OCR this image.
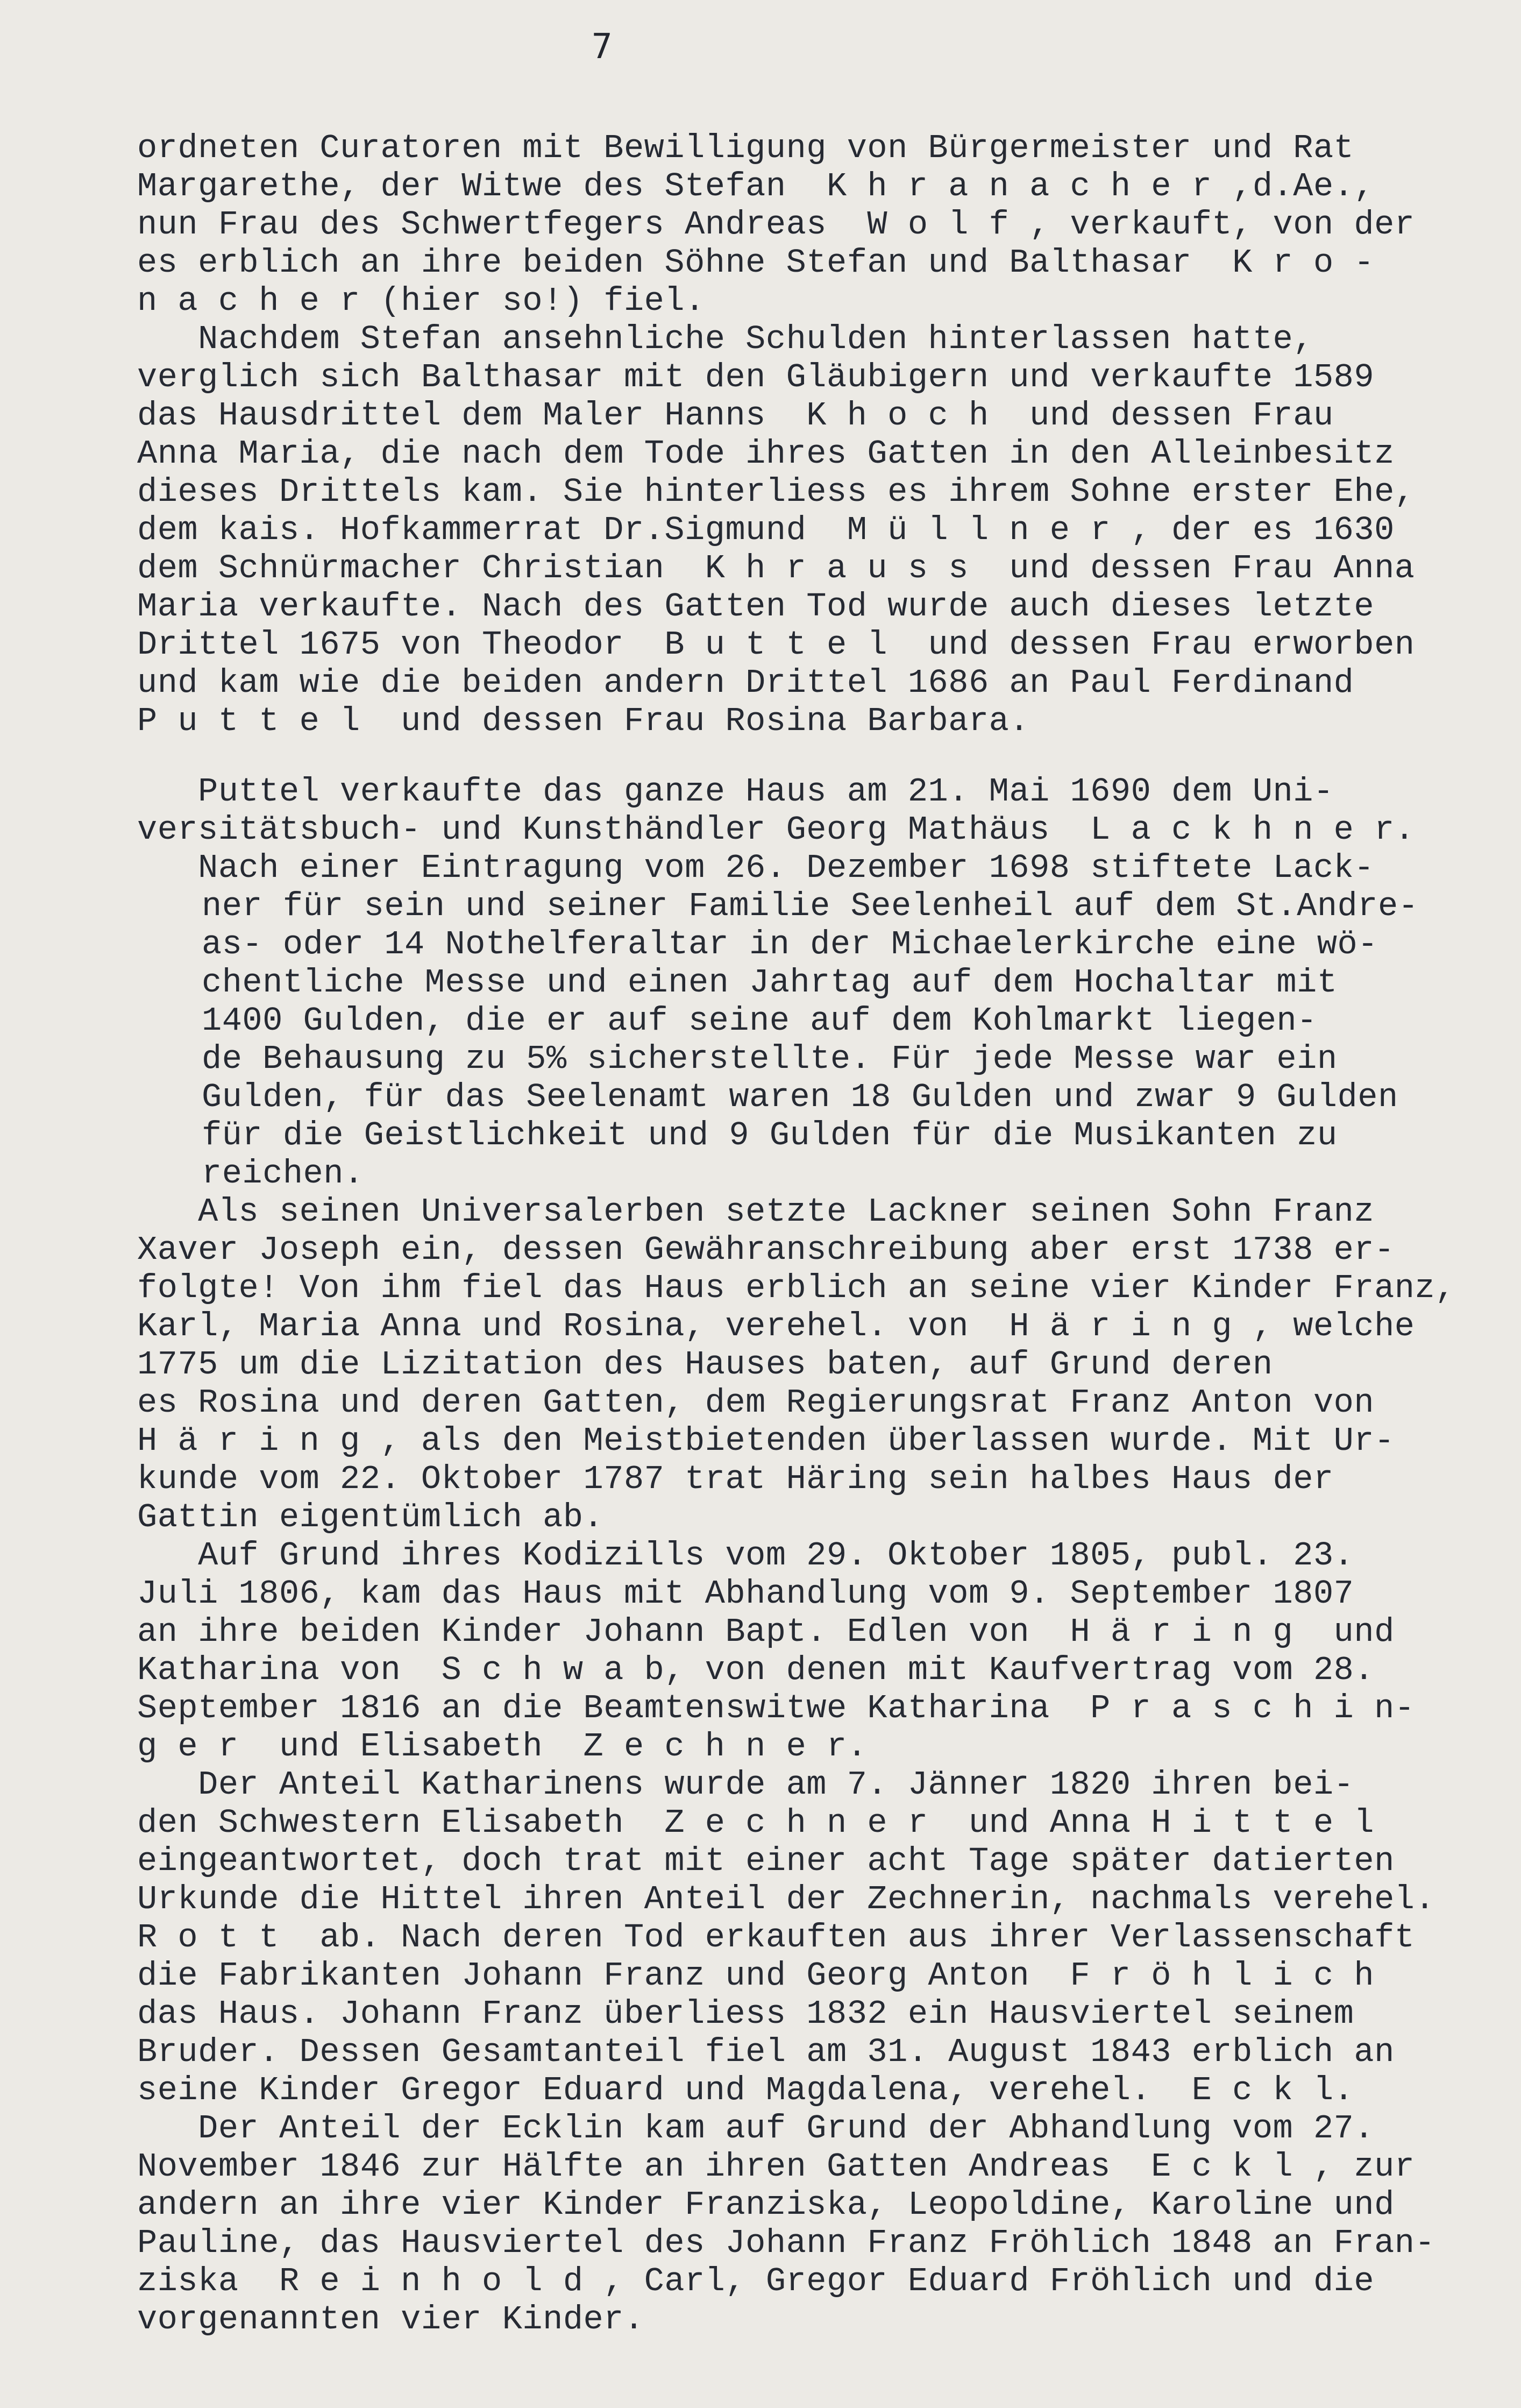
7
ordneten Curatoren mit Bewilligung von Bürgermeister und Rat
Margarethe, der Witwe des Stefan  K h r a n a c h e r ,d.Ae.,
nun Frau des Schwertfegers Andreas  W o l f , verkauft, von der
es erblich an ihre beiden Söhne Stefan und Balthasar  K r o -
n a c h e r (hier so!) fiel.
Nachdem Stefan ansehnliche Schulden hinterlassen hatte,
verglich sich Balthasar mit den Gläubigern und verkaufte 1589
das Hausdrittel dem Maler Hanns  K h o c h  und dessen Frau
Anna Maria, die nach dem Tode ihres Gatten in den Alleinbesitz
dieses Drittels kam. Sie hinterliess es ihrem Sohne erster Ehe,
dem kais. Hofkammerrat Dr.Sigmund  M ü l l n e r , der es 1630
dem Schnürmacher Christian  K h r a u s s  und dessen Frau Anna
Maria verkaufte. Nach des Gatten Tod wurde auch dieses letzte
Drittel 1675 von Theodor  B u t t e l  und dessen Frau erworben
und kam wie die beiden andern Drittel 1686 an Paul Ferdinand
P u t t e l  und dessen Frau Rosina Barbara.
Puttel verkaufte das ganze Haus am 21. Mai 1690 dem Uni-
versitätsbuch- und Kunsthändler Georg Mathäus  L a c k h n e r.
Nach einer Eintragung vom 26. Dezember 1698 stiftete Lack-
ner für sein und seiner Familie Seelenheil auf dem St.Andre-
as- oder 14 Nothelferaltar in der Michaelerkirche eine wö-
chentliche Messe und einen Jahrtag auf dem Hochaltar mit
1400 Gulden, die er auf seine auf dem Kohlmarkt liegen-
de Behausung zu 5% sicherstellte. Für jede Messe war ein
Gulden, für das Seelenamt waren 18 Gulden und zwar 9 Gulden
für die Geistlichkeit und 9 Gulden für die Musikanten zu
reichen.
Als seinen Universalerben setzte Lackner seinen Sohn Franz
Xaver Joseph ein, dessen Gewähranschreibung aber erst 1738 er-
folgte! Von ihm fiel das Haus erblich an seine vier Kinder Franz,
Karl, Maria Anna und Rosina, verehel. von  H ä r i n g , welche
1775 um die Lizitation des Hauses baten, auf Grund deren
es Rosina und deren Gatten, dem Regierungsrat Franz Anton von
H ä r i n g , als den Meistbietenden überlassen wurde. Mit Ur-
kunde vom 22. Oktober 1787 trat Häring sein halbes Haus der
Gattin eigentümlich ab.
Auf Grund ihres Kodizills vom 29. Oktober 1805, publ. 23.
Juli 1806, kam das Haus mit Abhandlung vom 9. September 1807
an ihre beiden Kinder Johann Bapt. Edlen von  H ä r i n g  und
Katharina von  S c h w a b, von denen mit Kaufvertrag vom 28.
September 1816 an die Beamtenswitwe Katharina  P r a s c h i n-
g e r  und Elisabeth  Z e c h n e r.
Der Anteil Katharinens wurde am 7. Jänner 1820 ihren bei-
den Schwestern Elisabeth  Z e c h n e r  und Anna H i t t e l
eingeantwortet, doch trat mit einer acht Tage später datierten
Urkunde die Hittel ihren Anteil der Zechnerin, nachmals verehel.
R o t t  ab. Nach deren Tod erkauften aus ihrer Verlassenschaft
die Fabrikanten Johann Franz und Georg Anton  F r ö h l i c h
das Haus. Johann Franz überliess 1832 ein Hausviertel seinem
Bruder. Dessen Gesamtanteil fiel am 31. August 1843 erblich an
seine Kinder Gregor Eduard und Magdalena, verehel.  E c k l.
Der Anteil der Ecklin kam auf Grund der Abhandlung vom 27.
November 1846 zur Hälfte an ihren Gatten Andreas  E c k l , zur
andern an ihre vier Kinder Franziska, Leopoldine, Karoline und
Pauline, das Hausviertel des Johann Franz Fröhlich 1848 an Fran-
ziska  R e i n h o l d , Carl, Gregor Eduard Fröhlich und die
vorgenannten vier Kinder.
